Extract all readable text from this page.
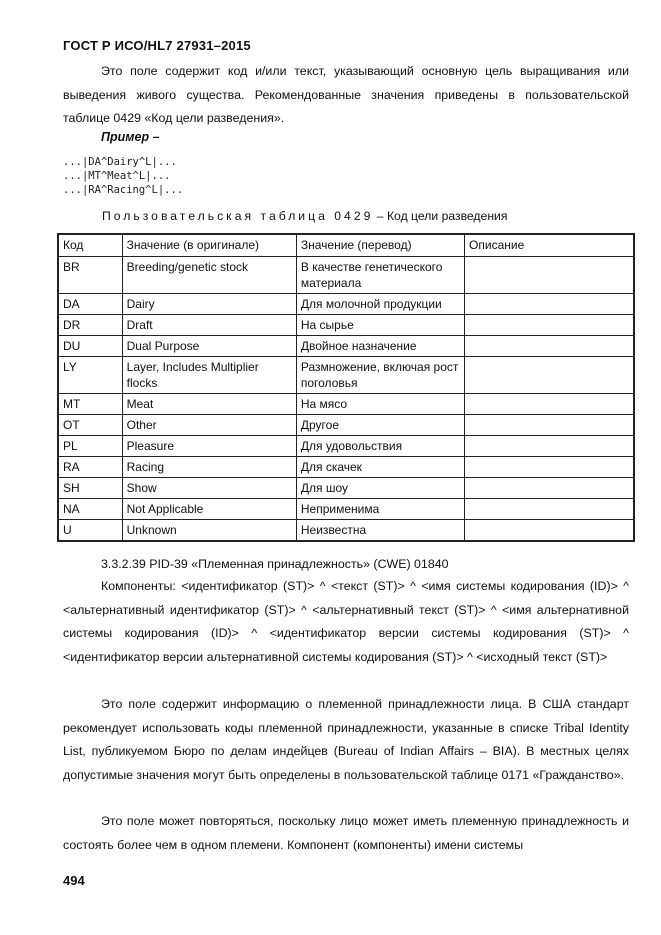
ГОСТ Р ИСО/HL7 27931–2015
Это поле содержит код и/или текст, указывающий основную цель выращивания или выведения живого существа. Рекомендованные значения приведены в пользовательской таблице 0429 «Код цели разведения».
Пример –
...|DA^Dairy^L|...
...|MT^Meat^L|...
...|RA^Racing^L|...
Пользовательская таблица 0429 – Код цели разведения
Код	Значение (в оригинале)	Значение (перевод)	Описание
BR	Breeding/genetic stock	В качестве генетического материала	
DA	Dairy	Для молочной продукции	
DR	Draft	На сырье	
DU	Dual Purpose	Двойное назначение	
LY	Layer, Includes Multiplier flocks	Размножение, включая рост поголовья	
MT	Meat	На мясо	
OT	Other	Другое	
PL	Pleasure	Для удовольствия	
RA	Racing	Для скачек	
SH	Show	Для шоу	
NA	Not Applicable	Неприменима	
U	Unknown	Неизвестна	
3.3.2.39 PID-39 «Племенная принадлежность» (CWE) 01840
Компоненты: <идентификатор (ST)> ^ <текст (ST)> ^ <имя системы кодирования (ID)> ^ <альтернативный идентификатор (ST)> ^ <альтернативный текст (ST)> ^ <имя альтернативной системы кодирования (ID)> ^ <идентификатор версии системы кодирования (ST)> ^ <идентификатор версии альтернативной системы кодирования (ST)> ^ <исходный текст (ST)>
Это поле содержит информацию о племенной принадлежности лица. В США стандарт рекомендует использовать коды племенной принадлежности, указанные в списке Tribal Identity List, публикуемом Бюро по делам индейцев (Bureau of Indian Affairs – BIA). В местных целях допустимые значения могут быть определены в пользовательской таблице 0171 «Гражданство».
Это поле может повторяться, поскольку лицо может иметь племенную принадлежность и состоять более чем в одном племени. Компонент (компоненты) имени системы
494
